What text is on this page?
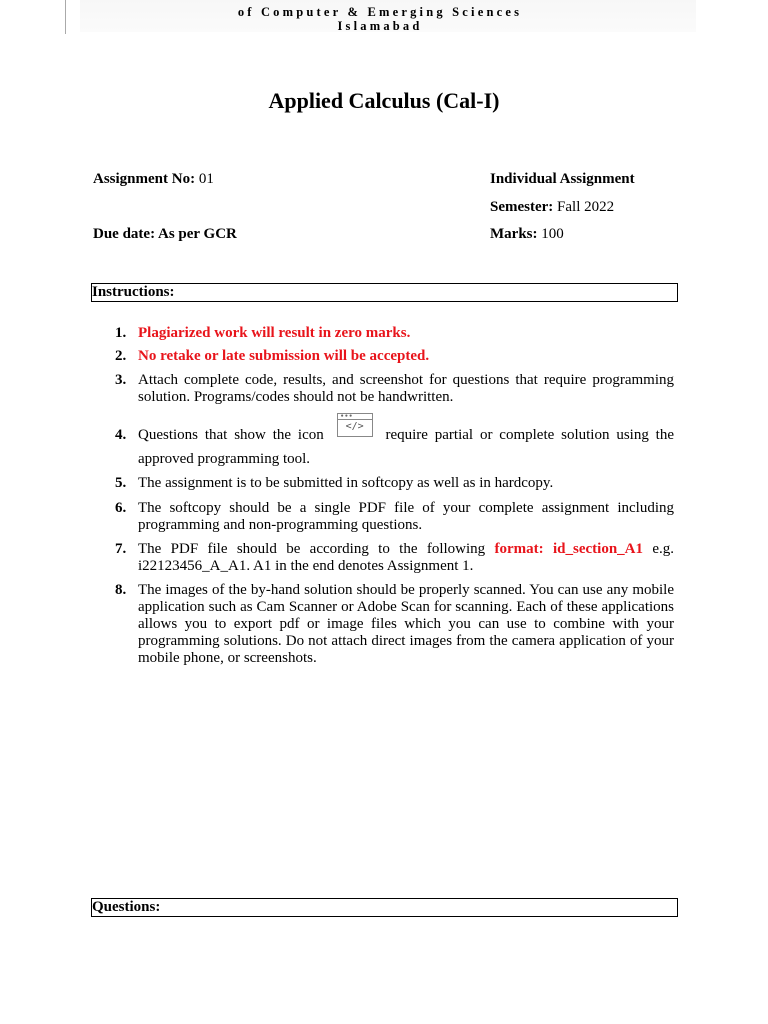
of Computer & Emerging Sciences
Islamabad
Applied Calculus (Cal-I)
Assignment No: 01	Individual Assignment
Semester: Fall 2022
Due date: As per GCR	Marks: 100
Instructions:
1. Plagiarized work will result in zero marks.
2. No retake or late submission will be accepted.
3. Attach complete code, results, and screenshot for questions that require programming solution. Programs/codes should not be handwritten.
4. Questions that show the icon
● ● ●
</>
require partial or complete solution using the approved programming tool.
5. The assignment is to be submitted in softcopy as well as in hardcopy.
6. The softcopy should be a single PDF file of your complete assignment including programming and non-programming questions.
7. The PDF file should be according to the following format: id_section_A1 e.g. i22123456_A_A1. A1 in the end denotes Assignment 1.
8. The images of the by-hand solution should be properly scanned. You can use any mobile application such as Cam Scanner or Adobe Scan for scanning. Each of these applications allows you to export pdf or image files which you can use to combine with your programming solutions. Do not attach direct images from the camera application of your mobile phone, or screenshots.
Questions:
